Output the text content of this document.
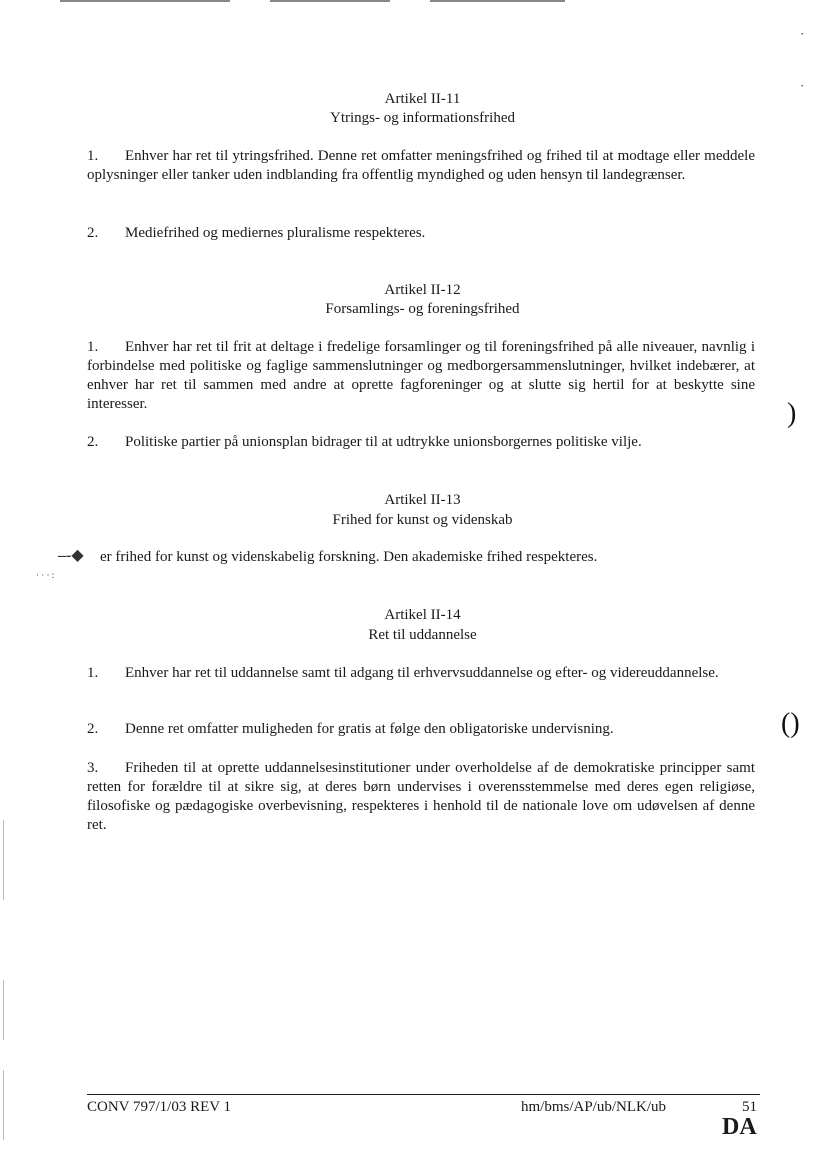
Artikel II-11
Ytrings- og informationsfrihed
1. Enhver har ret til ytringsfrihed. Denne ret omfatter meningsfrihed og frihed til at modtage eller meddele oplysninger eller tanker uden indblanding fra offentlig myndighed og uden hensyn til landegrænser.
2. Mediefrihed og mediernes pluralisme respekteres.
Artikel II-12
Forsamlings- og foreningsfrihed
1. Enhver har ret til frit at deltage i fredelige forsamlinger og til foreningsfrihed på alle niveauer, navnlig i forbindelse med politiske og faglige sammenslutninger og medborgersammenslutninger, hvilket indebærer, at enhver har ret til sammen med andre at oprette fagforeninger og at slutte sig hertil for at beskytte sine interesser.
2. Politiske partier på unionsplan bidrager til at udtrykke unionsborgernes politiske vilje.
Artikel II-13
Frihed for kunst og videnskab
–‑◆
· · · :
er frihed for kunst og videnskabelig forskning. Den akademiske frihed respekteres.
Artikel II-14
Ret til uddannelse
1. Enhver har ret til uddannelse samt til adgang til erhvervsuddannelse og efter- og videreuddannelse.
2. Denne ret omfatter muligheden for gratis at følge den obligatoriske undervisning.
3. Friheden til at oprette uddannelsesinstitutioner under overholdelse af de demokratiske principper samt retten for forældre til at sikre sig, at deres børn undervises i overensstemmelse med deres egen religiøse, filosofiske og pædagogiske overbevisning, respekteres i henhold til de nationale love om udøvelsen af denne ret.
)
()
·
·
CONV 797/1/03 REV 1	hm/bms/AP/ub/NLK/ub	51
DA
